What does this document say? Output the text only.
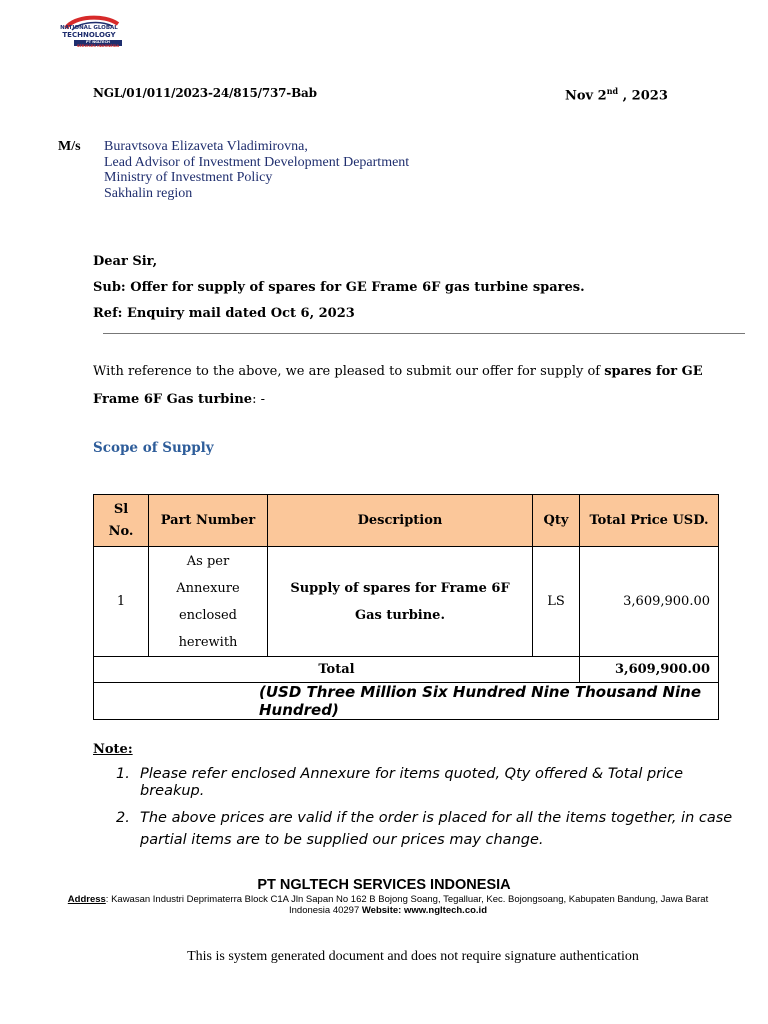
NATIONAL GLOBAL
TECHNOLOGY
PT NGLTECH
SERVICES INDONESIA
NGL/01/011/2023-24/815/737-Bab	Nov 2nd , 2023
M/s Buravtsova Elizaveta Vladimirovna,
Lead Advisor of Investment Development Department
Ministry of Investment Policy
Sakhalin region
Dear Sir,
Sub: Offer for supply of spares for GE Frame 6F gas turbine spares.
Ref: Enquiry mail dated Oct 6, 2023
With reference to the above, we are pleased to submit our offer for supply of spares for GE
Frame 6F Gas turbine: -
Scope of Supply
Sl No.	Part Number	Description	Qty	Total Price USD.
1	As per Annexure enclosed herewith	Supply of spares for Frame 6F Gas turbine.	LS	3,609,900.00
Total				3,609,900.00
(USD Three Million Six Hundred Nine Thousand Nine Hundred)				
Note:
1. Please refer enclosed Annexure for items quoted, Qty offered & Total price breakup.
2. The above prices are valid if the order is placed for all the items together, in case partial items are to be supplied our prices may change.
PT NGLTECH SERVICES INDONESIA
Address: Kawasan Industri Deprimaterra Block C1A Jln Sapan No 162 B Bojong Soang, Tegalluar, Kec. Bojongsoang, Kabupaten Bandung, Jawa Barat Indonesia 40297 Website: www.ngltech.co.id
This is system generated document and does not require signature authentication
